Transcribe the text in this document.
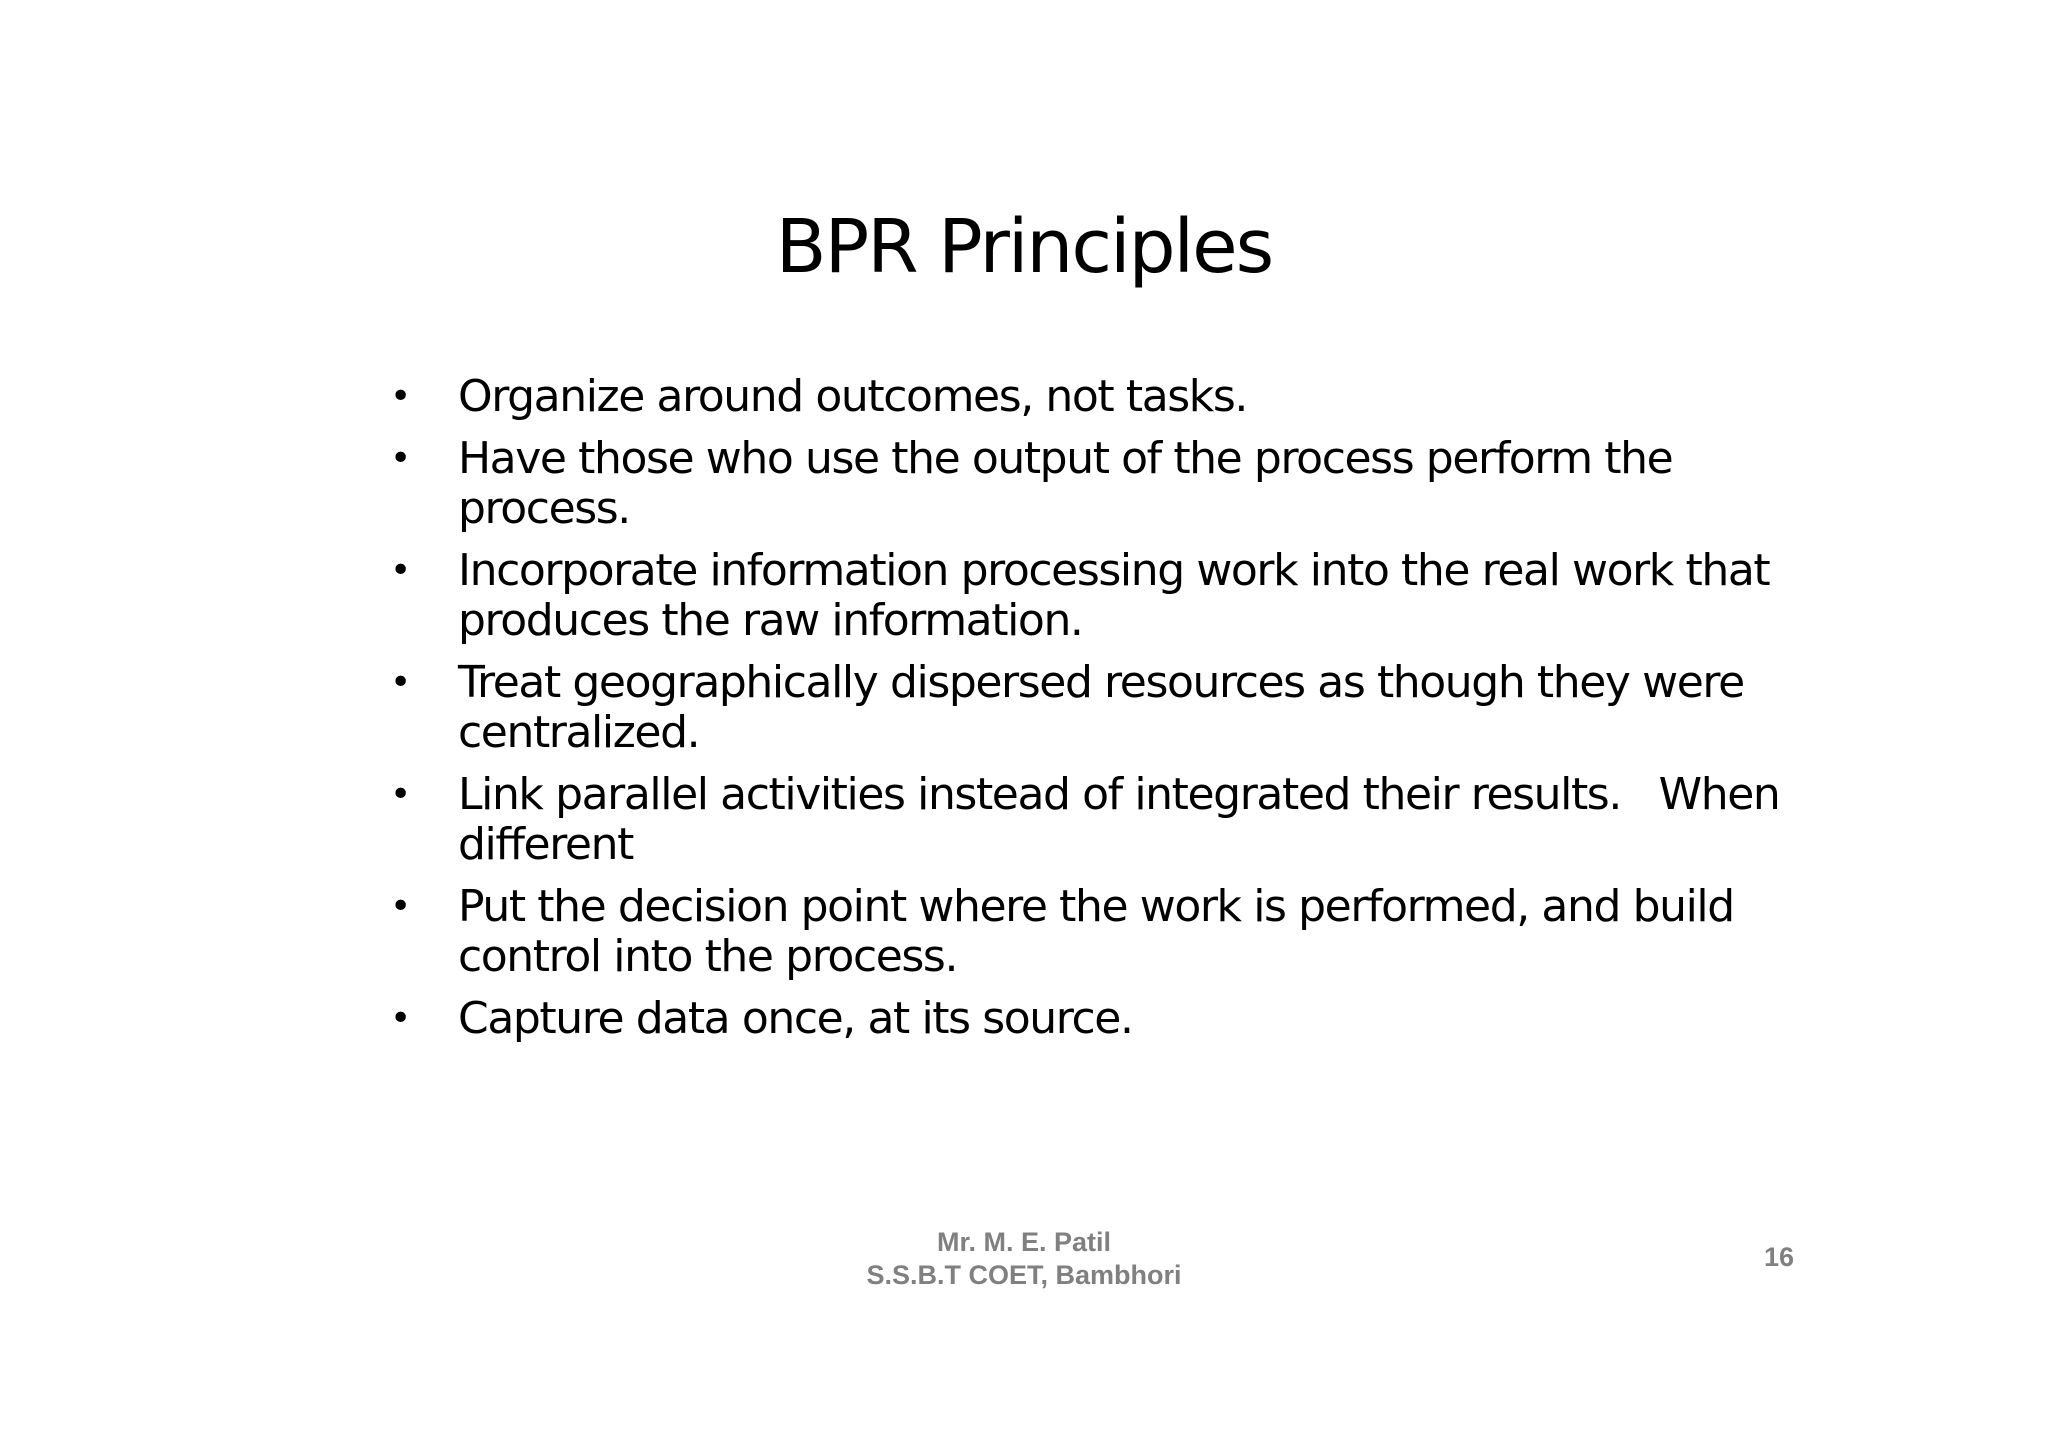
BPR Principles
•	Organize around outcomes, not tasks.
•	Have those who use the output of the process perform the
process.
•	Incorporate information processing work into the real work that
produces the raw information.
•	Treat geographically dispersed resources as though they were
centralized.
•	Link parallel activities instead of integrated their results.   When
different
•	Put the decision point where the work is performed, and build
control into the process.
•	Capture data once, at its source.
Mr. M. E. Patil
S.S.B.T COET, Bambhori
16
